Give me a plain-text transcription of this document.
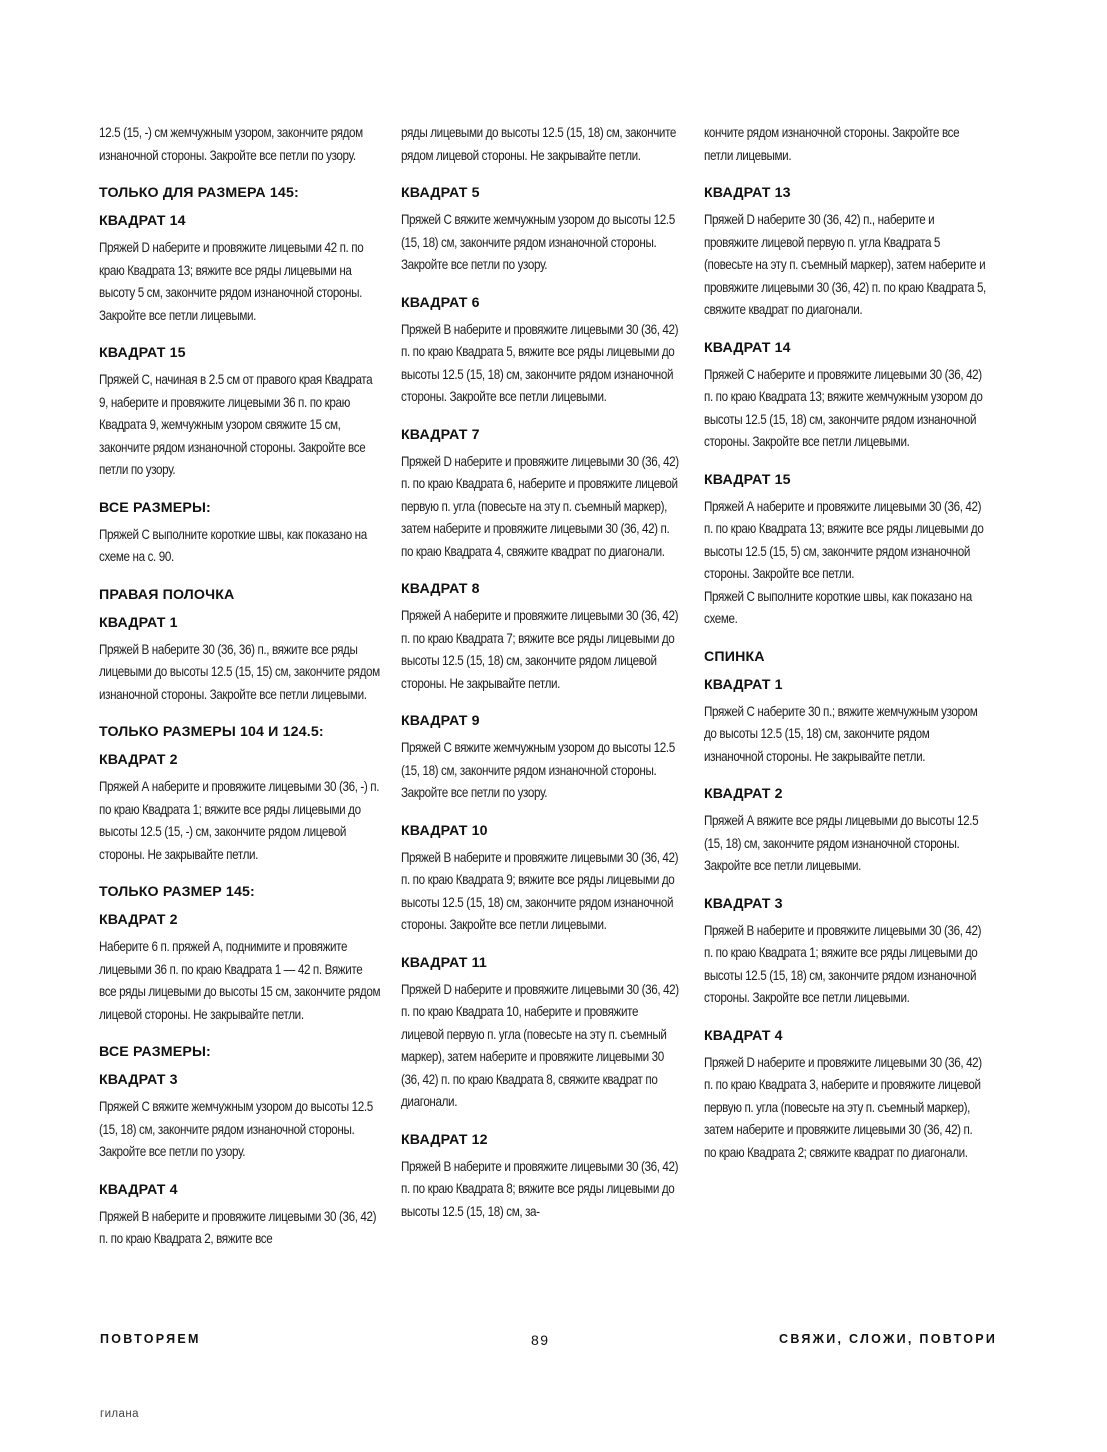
12.5 (15, -) см жемчужным узором, закончите рядом изнаночной стороны. Закройте все петли по узору.

ТОЛЬКО ДЛЯ РАЗМЕРА 145:
КВАДРАТ 14

Пряжей D наберите и провяжите лицевыми 42 п. по краю Квадрата 13; вяжите все ряды лицевыми на высоту 5 см, закончите рядом изнаночной стороны. Закройте все петли лицевыми.

КВАДРАТ 15

Пряжей С, начиная в 2.5 см от правого края Квадрата 9, наберите и провяжите лицевыми 36 п. по краю Квадрата 9, жемчужным узором свяжите 15 см, закончите рядом изнаночной стороны. Закройте все петли по узору.

ВСЕ РАЗМЕРЫ:

Пряжей С выполните короткие швы, как показано на схеме на с. 90.

ПРАВАЯ ПОЛОЧКА
КВАДРАТ 1

Пряжей В наберите 30 (36, 36) п., вяжите все ряды лицевыми до высоты 12.5 (15, 15) см, закончите рядом изнаночной стороны. Закройте все петли лицевыми.

ТОЛЬКО РАЗМЕРЫ 104 И 124.5:
КВАДРАТ 2

Пряжей А наберите и провяжите лицевыми 30 (36, -) п. по краю Квадрата 1; вяжите все ряды лицевыми до высоты 12.5 (15, -) см, закончите рядом лицевой стороны. Не закрывайте петли.

ТОЛЬКО РАЗМЕР 145:
КВАДРАТ 2

Наберите 6 п. пряжей А, поднимите и провяжите лицевыми 36 п. по краю Квадрата 1 — 42 п. Вяжите все ряды лицевыми до высоты 15 см, закончите рядом лицевой стороны. Не закрывайте петли.

ВСЕ РАЗМЕРЫ:
КВАДРАТ 3

Пряжей С вяжите жемчужным узором до высоты 12.5 (15, 18) см, закончите рядом изнаночной стороны. Закройте все петли по узору.

КВАДРАТ 4

Пряжей В наберите и провяжите лицевыми 30 (36, 42) п. по краю Квадрата 2, вяжите все

ряды лицевыми до высоты 12.5 (15, 18) см, закончите рядом лицевой стороны. Не закрывайте петли.

КВАДРАТ 5

Пряжей С вяжите жемчужным узором до высоты 12.5 (15, 18) см, закончите рядом изнаночной стороны. Закройте все петли по узору.

КВАДРАТ 6

Пряжей В наберите и провяжите лицевыми 30 (36, 42) п. по краю Квадрата 5, вяжите все ряды лицевыми до высоты 12.5 (15, 18) см, закончите рядом изнаночной стороны. Закройте все петли лицевыми.

КВАДРАТ 7

Пряжей D наберите и провяжите лицевыми 30 (36, 42) п. по краю Квадрата 6, наберите и провяжите лицевой первую п. угла (повесьте на эту п. съемный маркер), затем наберите и провяжите лицевыми 30 (36, 42) п. по краю Квадрата 4, свяжите квадрат по диагонали.

КВАДРАТ 8

Пряжей А наберите и провяжите лицевыми 30 (36, 42) п. по краю Квадрата 7; вяжите все ряды лицевыми до высоты 12.5 (15, 18) см, закончите рядом лицевой стороны. Не закрывайте петли.

КВАДРАТ 9

Пряжей С вяжите жемчужным узором до высоты 12.5 (15, 18) см, закончите рядом изнаночной стороны. Закройте все петли по узору.

КВАДРАТ 10

Пряжей В наберите и провяжите лицевыми 30 (36, 42) п. по краю Квадрата 9; вяжите все ряды лицевыми до высоты 12.5 (15, 18) см, закончите рядом изнаночной стороны. Закройте все петли лицевыми.

КВАДРАТ 11

Пряжей D наберите и провяжите лицевыми 30 (36, 42) п. по краю Квадрата 10, наберите и провяжите лицевой первую п. угла (повесьте на эту п. съемный маркер), затем наберите и провяжите лицевыми 30 (36, 42) п. по краю Квадрата 8, свяжите квадрат по диагонали.

КВАДРАТ 12

Пряжей В наберите и провяжите лицевыми 30 (36, 42) п. по краю Квадрата 8; вяжите все ряды лицевыми до высоты 12.5 (15, 18) см, за-

кончите рядом изнаночной стороны. Закройте все петли лицевыми.

КВАДРАТ 13

Пряжей D наберите 30 (36, 42) п., наберите и провяжите лицевой первую п. угла Квадрата 5 (повесьте на эту п. съемный маркер), затем наберите и провяжите лицевыми 30 (36, 42) п. по краю Квадрата 5, свяжите квадрат по диагонали.

КВАДРАТ 14

Пряжей С наберите и провяжите лицевыми 30 (36, 42) п. по краю Квадрата 13; вяжите жемчужным узором до высоты 12.5 (15, 18) см, закончите рядом изнаночной стороны. Закройте все петли лицевыми.

КВАДРАТ 15

Пряжей А наберите и провяжите лицевыми 30 (36, 42) п. по краю Квадрата 13; вяжите все ряды лицевыми до высоты 12.5 (15, 5) см, закончите рядом изнаночной стороны. Закройте все петли.
Пряжей С выполните короткие швы, как показано на схеме.

СПИНКА
КВАДРАТ 1

Пряжей С наберите 30 п.; вяжите жемчужным узором до высоты 12.5 (15, 18) см, закончите рядом изнаночной стороны. Не закрывайте петли.

КВАДРАТ 2

Пряжей А вяжите все ряды лицевыми до высоты 12.5 (15, 18) см, закончите рядом изнаночной стороны. Закройте все петли лицевыми.

КВАДРАТ 3

Пряжей В наберите и провяжите лицевыми 30 (36, 42) п. по краю Квадрата 1; вяжите все ряды лицевыми до высоты 12.5 (15, 18) см, закончите рядом изнаночной стороны. Закройте все петли лицевыми.

КВАДРАТ 4

Пряжей D наберите и провяжите лицевыми 30 (36, 42) п. по краю Квадрата 3, наберите и провяжите лицевой первую п. угла (повесьте на эту п. съемный маркер), затем наберите и провяжите лицевыми 30 (36, 42) п. по краю Квадрата 2; свяжите квадрат по диагонали.

ПОВТОРЯЕМ	89	СВЯЖИ, СЛОЖИ, ПОВТОРИ
гилана
